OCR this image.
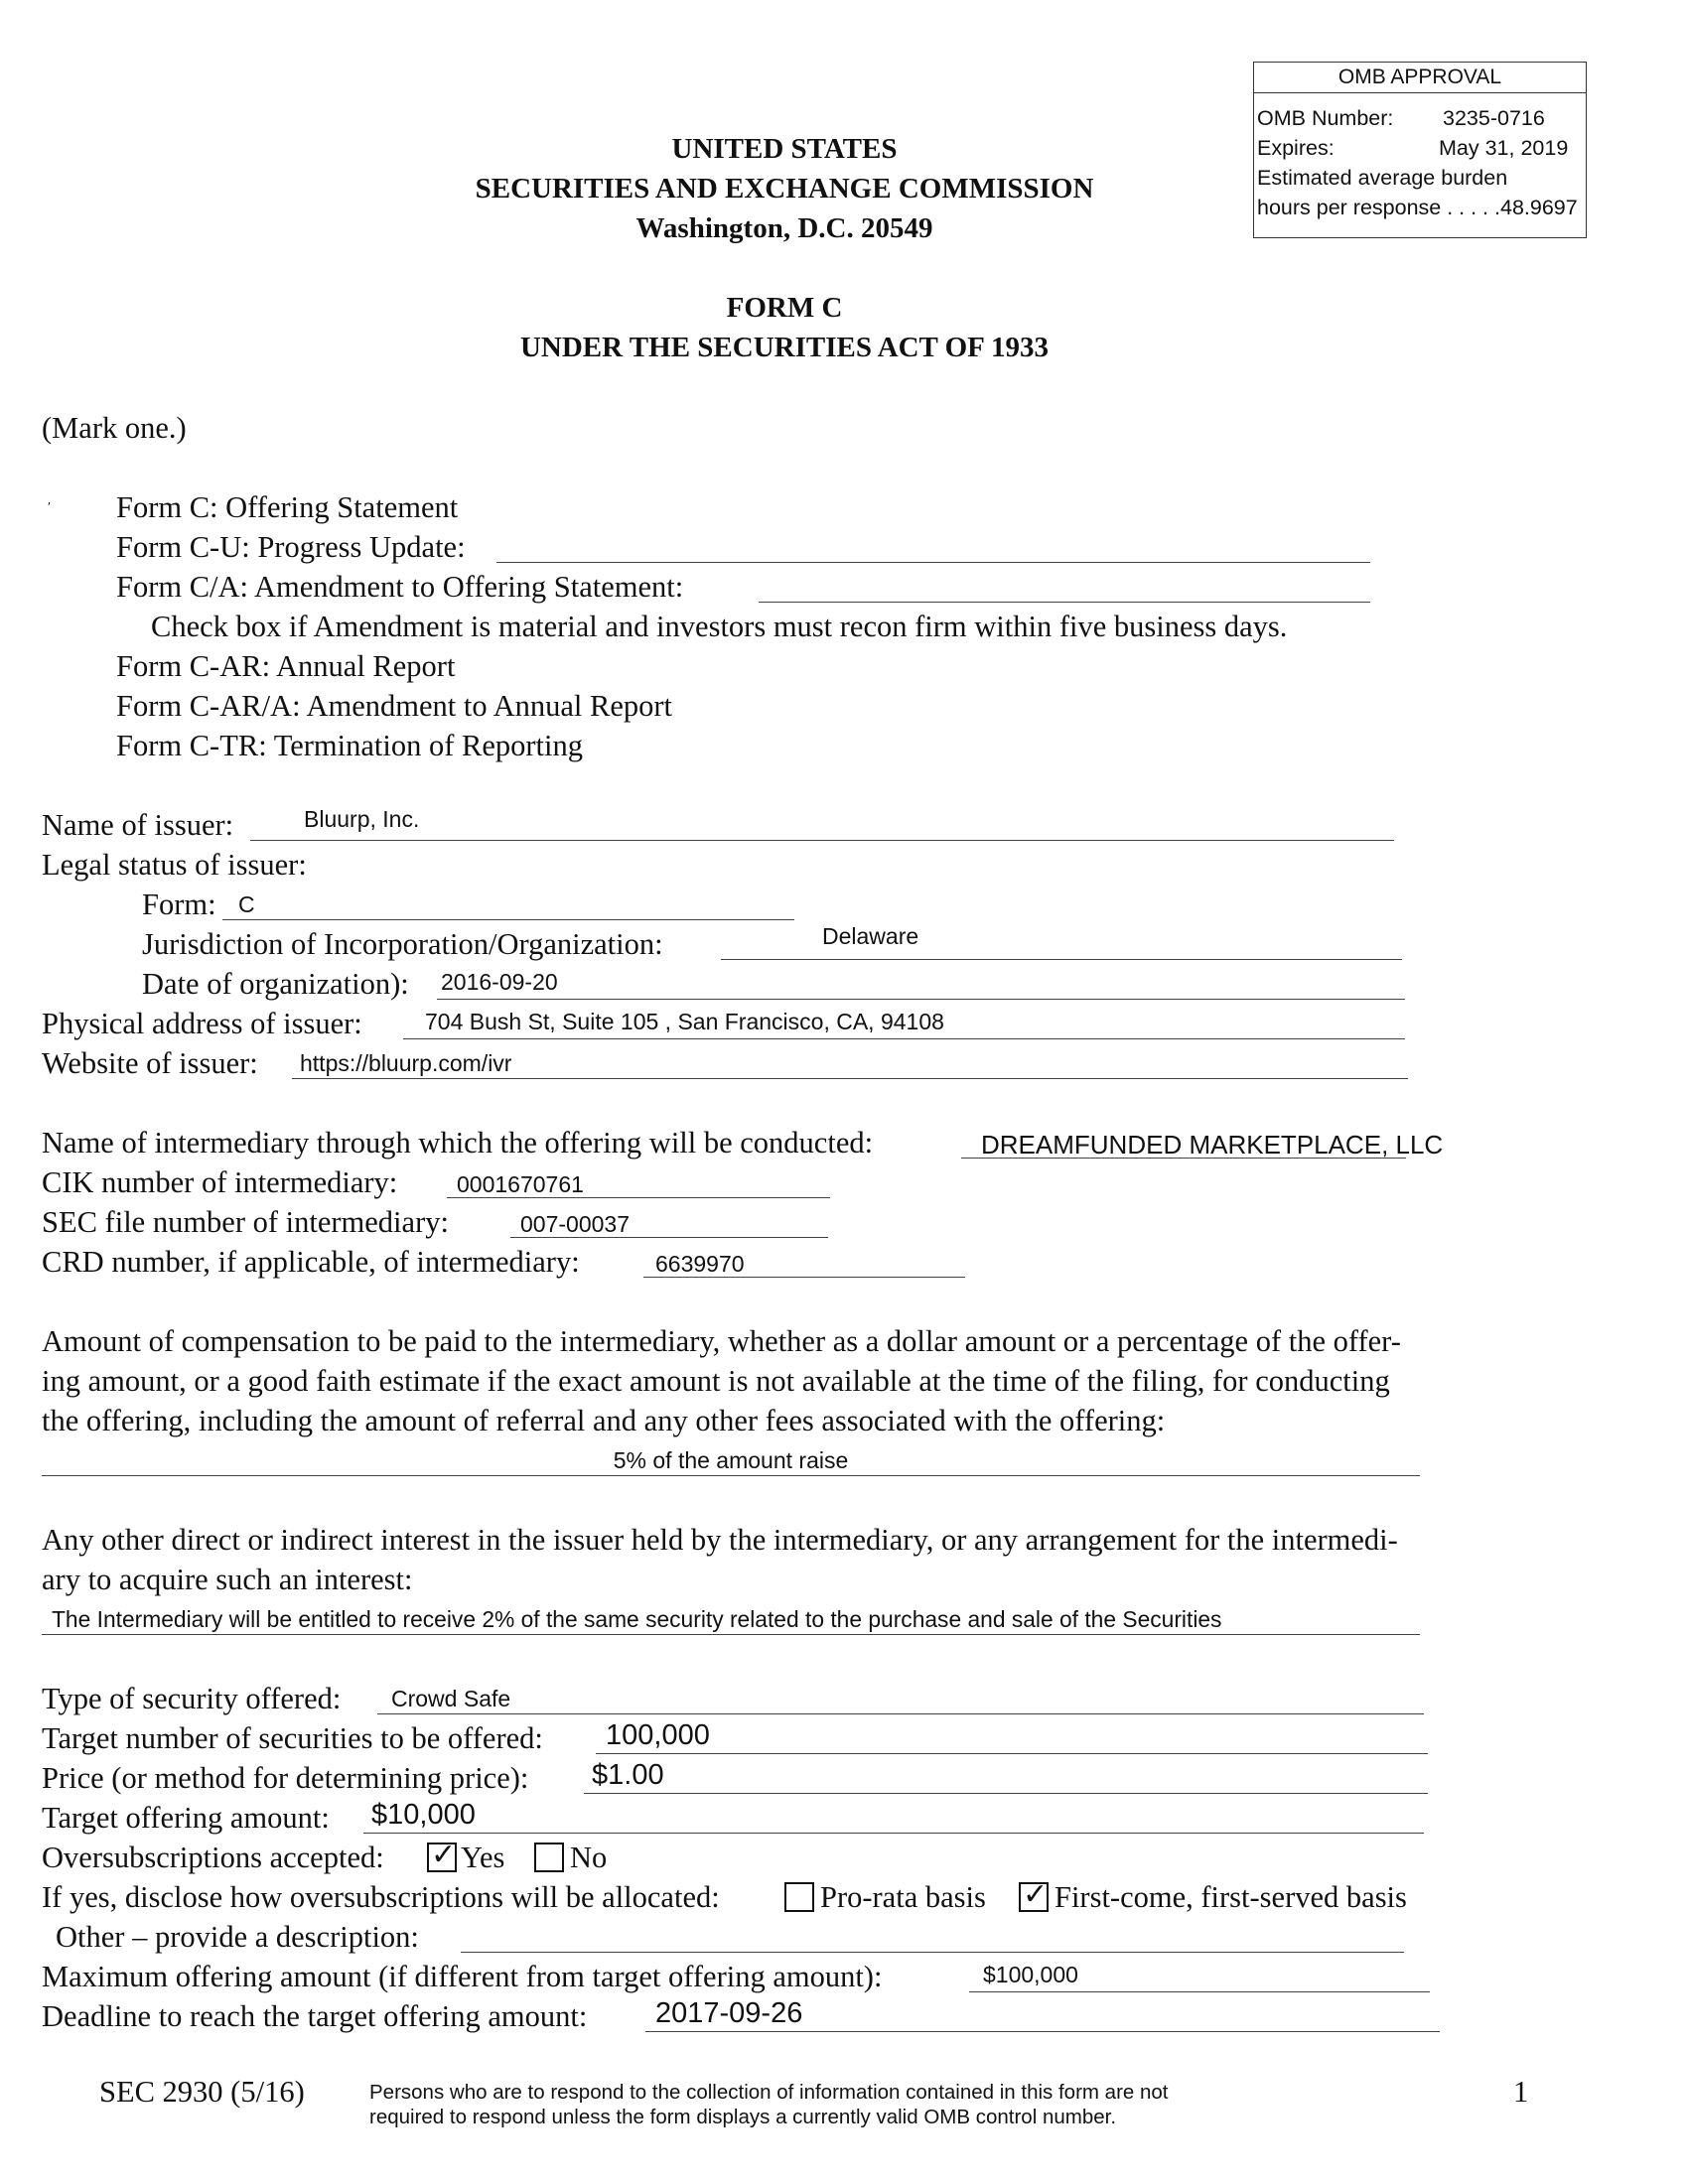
OMB APPROVAL
OMB Number: 3235-0716
Expires:	May 31, 2019
Estimated average burden
hours per response . . . . .48.9697
UNITED STATES
SECURITIES AND EXCHANGE COMMISSION
Washington, D.C. 20549
FORM C
UNDER THE SECURITIES ACT OF 1933
(Mark one.)
′ Form C: Offering Statement
Form C-U: Progress Update:
Form C/A: Amendment to Offering Statement:
Check box if Amendment is material and investors must recon firm within five business days.
Form C-AR: Annual Report
Form C-AR/A: Amendment to Annual Report
Form C-TR: Termination of Reporting
Name of issuer:	Bluurp, Inc.
Legal status of issuer:
Form: C
Jurisdiction of Incorporation/Organization:	Delaware
Date of organization): 2016-09-20
Physical address of issuer:	704 Bush St, Suite 105 , San Francisco, CA, 94108
Website of issuer: https://bluurp.com/ivr
Name of intermediary through which the offering will be conducted:	DREAMFUNDED MARKETPLACE, LLC
CIK number of intermediary:	0001670761
SEC file number of intermediary:	007-00037
CRD number, if applicable, of intermediary:	6639970
Amount of compensation to be paid to the intermediary, whether as a dollar amount or a percentage of the offer-
ing amount, or a good faith estimate if the exact amount is not available at the time of the filing, for conducting
the offering, including the amount of referral and any other fees associated with the offering:
5% of the amount raise
Any other direct or indirect interest in the issuer held by the intermediary, or any arrangement for the intermedi-
ary to acquire such an interest:
The Intermediary will be entitled to receive 2% of the same security related to the purchase and sale of the Securities
Type of security offered: Crowd Safe
Target number of securities to be offered: 100,000
Price (or method for determining price): $1.00
Target offering amount: $10,000
Oversubscriptions accepted: ✓ Yes No
If yes, disclose how oversubscriptions will be allocated:	Pro-rata basis ✓ First-come, first-served basis
Other – provide a description:
Maximum offering amount (if different from target offering amount):	$100,000
Deadline to reach the target offering amount: 2017-09-26
SEC 2930 (5/16)	Persons who are to respond to the collection of information contained in this form are not
required to respond unless the form displays a currently valid OMB control number.
1
